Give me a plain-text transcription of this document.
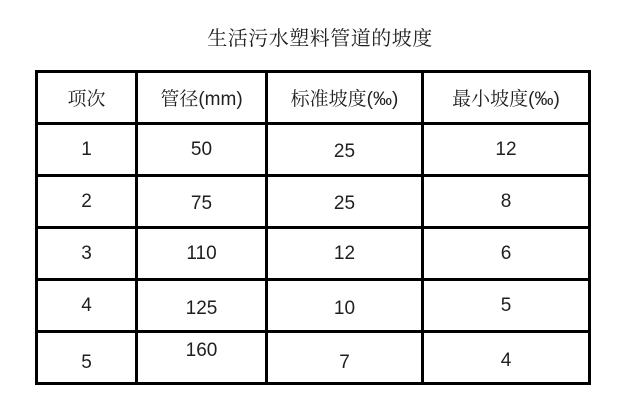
生活污水塑料管道的坡度
项次	管径(mm)	标准坡度(‰)	最小坡度(‰)
1	50	25	12
2	75	25	8
3	110	12	6
4	125	10	5
5	160	7	4
